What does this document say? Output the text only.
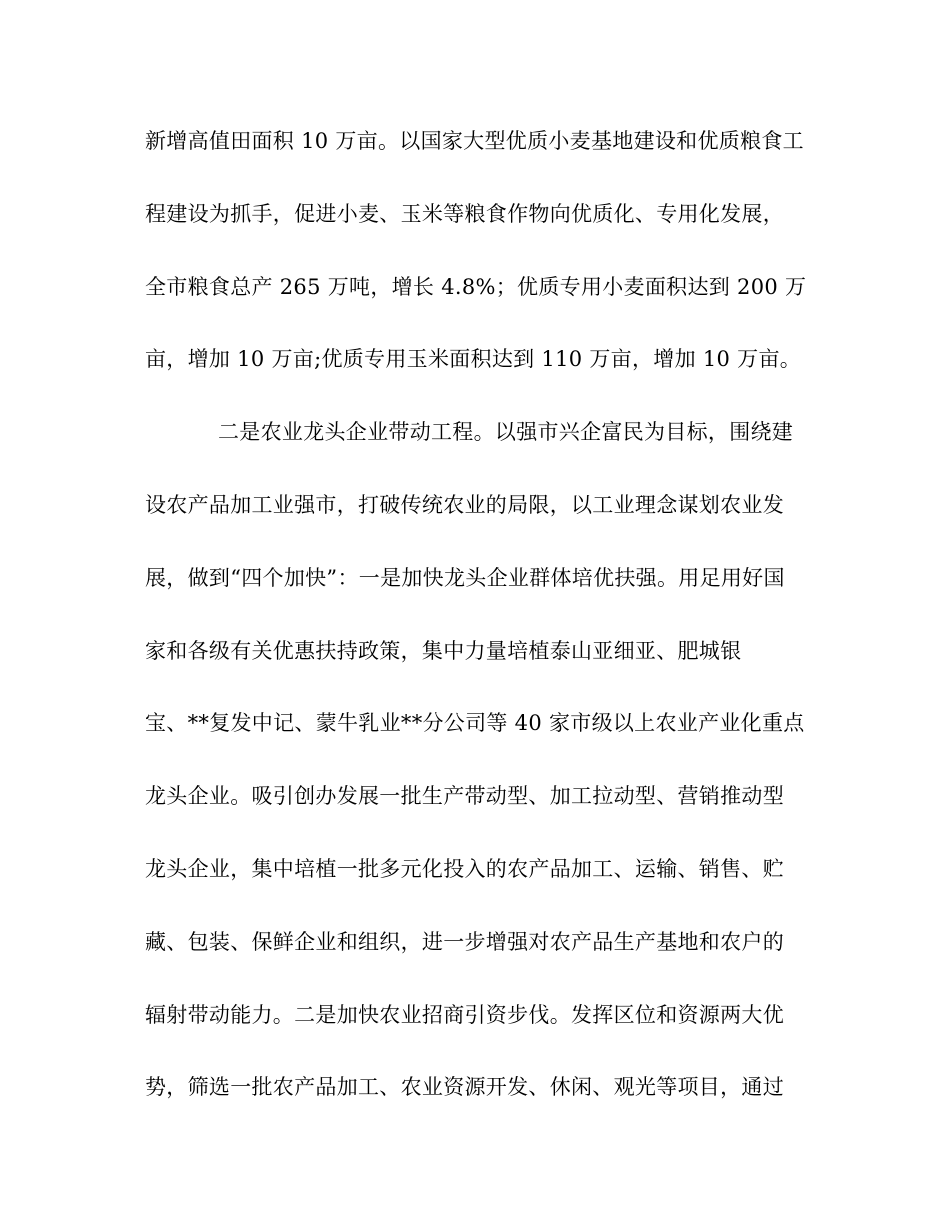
新增高值田面积 10 万亩。以国家大型优质小麦基地建设和优质粮食工
程建设为抓手，促进小麦、玉米等粮食作物向优质化、专用化发展，
全市粮食总产 265 万吨，增长 4.8%；优质专用小麦面积达到 200 万
亩，增加 10 万亩;优质专用玉米面积达到 110 万亩，增加 10 万亩。
二是农业龙头企业带动工程。以强市兴企富民为目标，围绕建
设农产品加工业强市，打破传统农业的局限，以工业理念谋划农业发
展，做到“四个加快”：一是加快龙头企业群体培优扶强。用足用好国
家和各级有关优惠扶持政策，集中力量培植泰山亚细亚、肥城银
宝、**复发中记、蒙牛乳业**分公司等 40 家市级以上农业产业化重点
龙头企业。吸引创办发展一批生产带动型、加工拉动型、营销推动型
龙头企业，集中培植一批多元化投入的农产品加工、运输、销售、贮
藏、包装、保鲜企业和组织，进一步增强对农产品生产基地和农户的
辐射带动能力。二是加快农业招商引资步伐。发挥区位和资源两大优
势，筛选一批农产品加工、农业资源开发、休闲、观光等项目，通过
